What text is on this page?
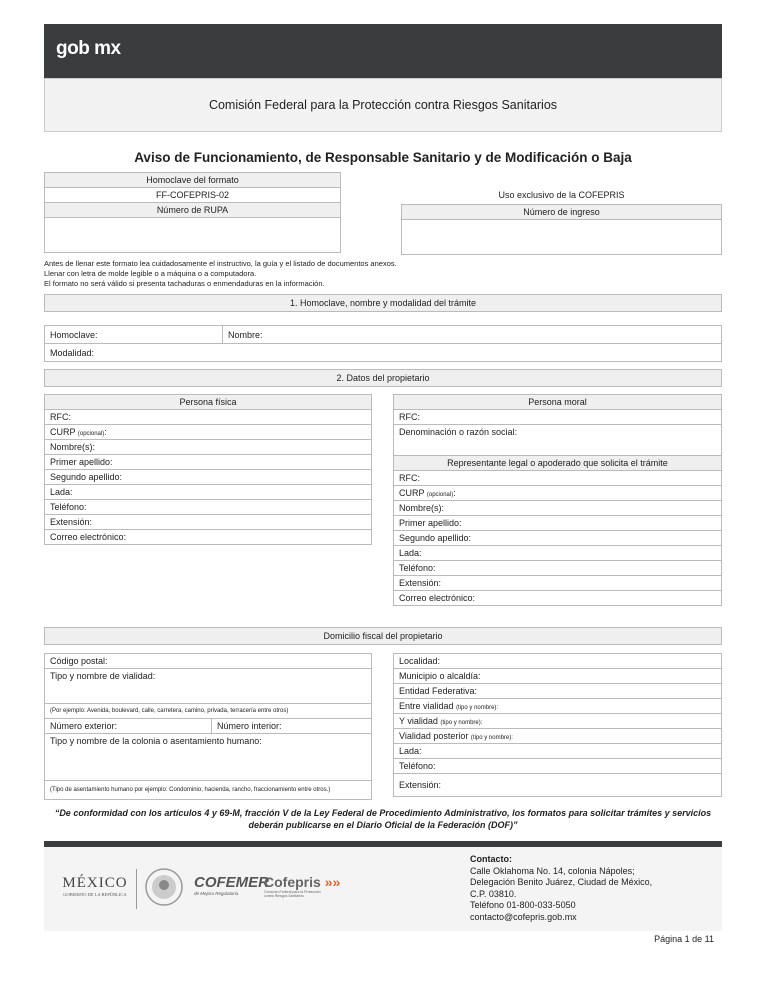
gob mx
Comisión Federal para la Protección contra Riesgos Sanitarios
Aviso de Funcionamiento, de Responsable Sanitario y de Modificación o Baja
Homoclave del formato
FF-COFEPRIS-02
Número de RUPA

Uso exclusivo de la COFEPRIS
Número de ingreso

Antes de llenar este formato lea cuidadosamente el instructivo, la guía y el listado de documentos anexos.
Llenar con letra de molde legible o a máquina o a computadora.
El formato no será válido si presenta tachaduras o enmendaduras en la información.
1. Homoclave, nombre y modalidad del trámite
Homoclave:	Nombre:
Modalidad:
2. Datos del propietario
Persona física
RFC:
CURP (opcional):
Nombre(s):
Primer apellido:
Segundo apellido:
Lada:
Teléfono:
Extensión:
Correo electrónico:
Persona moral
RFC:
Denominación o razón social:
Representante legal o apoderado que solicita el trámite
RFC:
CURP (opcional):
Nombre(s):
Primer apellido:
Segundo apellido:
Lada:
Teléfono:
Extensión:
Correo electrónico:
Domicilio fiscal del propietario
Código postal:
Tipo y nombre de vialidad:
(Por ejemplo: Avenida, boulevard, calle, carretera, camino, privada, terracería entre otros)
Número exterior:	Número interior:
Tipo y nombre de la colonia o asentamiento humano:
(Tipo de asentamiento humano por ejemplo: Condominio, hacienda, rancho, fraccionamiento entre otros.)
Localidad:
Municipio o alcaldía:
Entidad Federativa:
Entre vialidad (tipo y nombre):
Y vialidad (tipo y nombre):
Vialidad posterior (tipo y nombre):
Lada:
Teléfono:
Extensión:
“De conformidad con los artículos 4 y 69-M, fracción V de la Ley Federal de Procedimiento Administrativo, los formatos para solicitar trámites y servicios deberán publicarse en el Diario Oficial de la Federación (DOF)”
MÉXICO
GOBIERNO DE LA REPÚBLICA
COFEMER
de Mejora Regulatoria
Cofepris »»
Comisión Federal para la Protección contra Riesgos Sanitarios
Contacto:
Calle Oklahoma No. 14, colonia Nápoles;
Delegación Benito Juárez, Ciudad de México,
C.P. 03810.
Teléfono 01-800-033-5050
contacto@cofepris.gob.mx
Página 1 de 11
